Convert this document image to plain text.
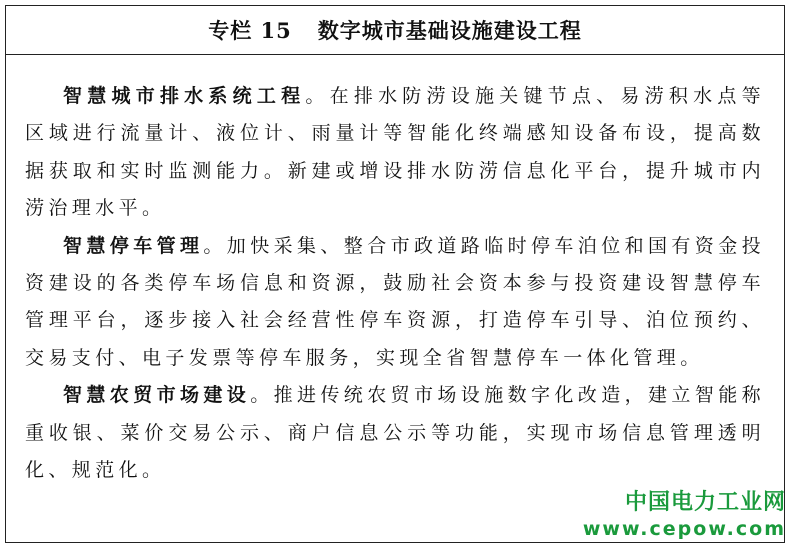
专栏 15 数字城市基础设施建设工程

智慧城市排水系统工程。在排水防涝设施关键节点、易涝积水点等区域进行流量计、液位计、雨量计等智能化终端感知设备布设，提高数据获取和实时监测能力。新建或增设排水防涝信息化平台，提升城市内涝治理水平。

智慧停车管理。加快采集、整合市政道路临时停车泊位和国有资金投资建设的各类停车场信息和资源，鼓励社会资本参与投资建设智慧停车管理平台，逐步接入社会经营性停车资源，打造停车引导、泊位预约、交易支付、电子发票等停车服务，实现全省智慧停车一体化管理。

智慧农贸市场建设。推进传统农贸市场设施数字化改造，建立智能称重收银、菜价交易公示、商户信息公示等功能，实现市场信息管理透明化、规范化。

中国电力工业网
www.cepow.com
